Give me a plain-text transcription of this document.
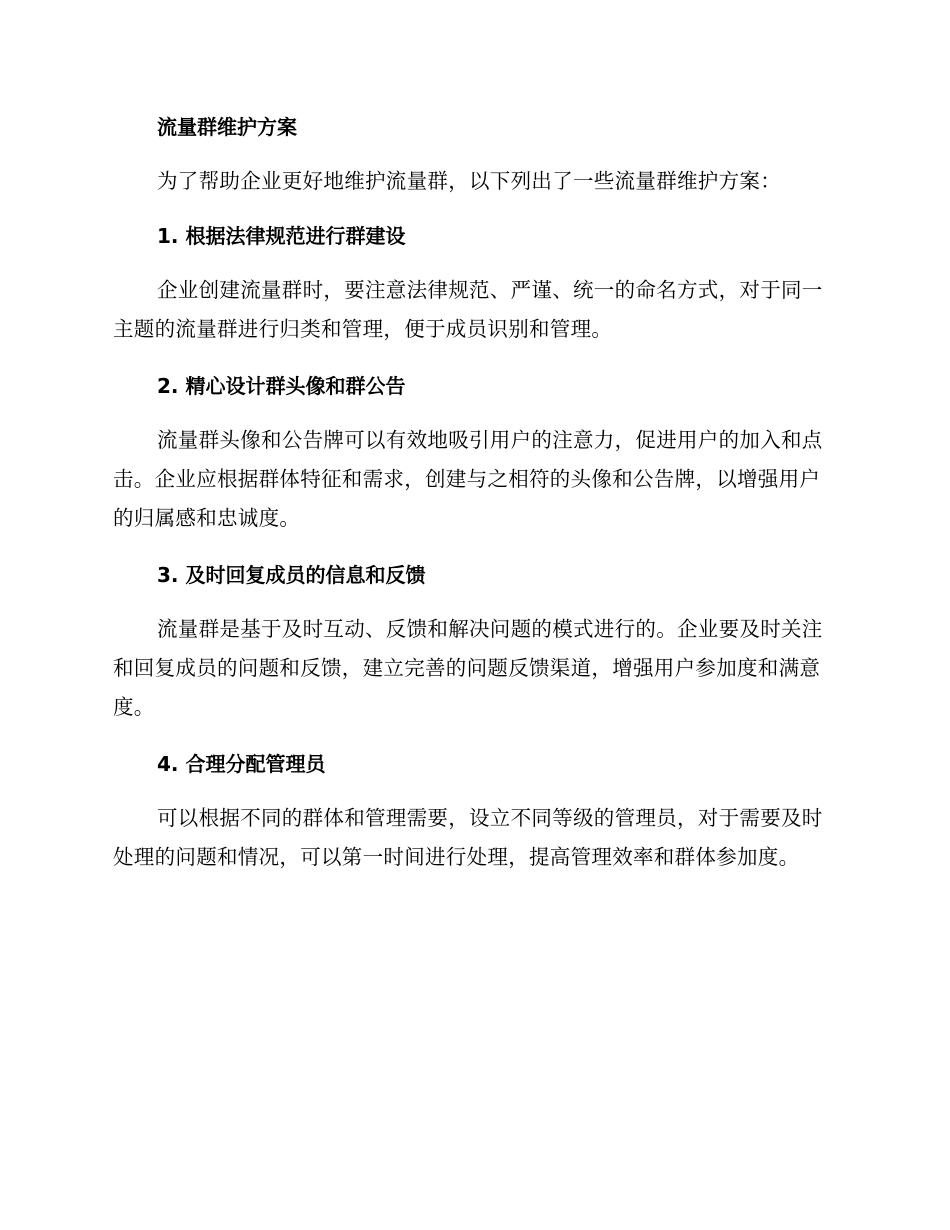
流量群维护方案

为了帮助企业更好地维护流量群，以下列出了一些流量群维护方案：

1. 根据法律规范进行群建设

企业创建流量群时，要注意法律规范、严谨、统一的命名方式，对于同一主题的流量群进行归类和管理，便于成员识别和管理。

2. 精心设计群头像和群公告

流量群头像和公告牌可以有效地吸引用户的注意力，促进用户的加入和点击。企业应根据群体特征和需求，创建与之相符的头像和公告牌，以增强用户的归属感和忠诚度。

3. 及时回复成员的信息和反馈

流量群是基于及时互动、反馈和解决问题的模式进行的。企业要及时关注和回复成员的问题和反馈，建立完善的问题反馈渠道，增强用户参加度和满意度。

4. 合理分配管理员

可以根据不同的群体和管理需要，设立不同等级的管理员，对于需要及时处理的问题和情况，可以第一时间进行处理，提高管理效率和群体参加度。
